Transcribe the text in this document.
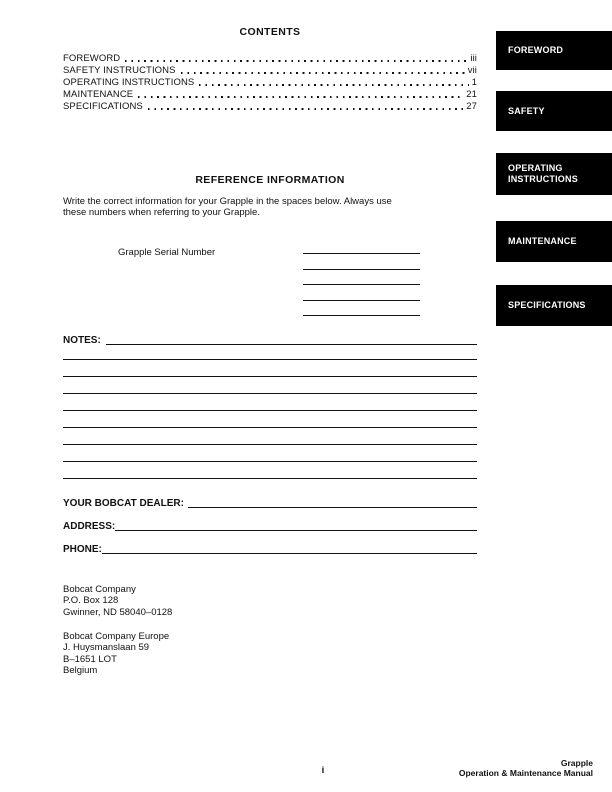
CONTENTS
FOREWORD	iii
SAFETY INSTRUCTIONS	vii
OPERATING INSTRUCTIONS	1
MAINTENANCE	21
SPECIFICATIONS	27
FOREWORD
SAFETY
OPERATING INSTRUCTIONS
MAINTENANCE
SPECIFICATIONS
REFERENCE INFORMATION
Write the correct information for your Grapple in the spaces below. Always use
these numbers when referring to your Grapple.
Grapple Serial Number
NOTES:
YOUR BOBCAT DEALER:
ADDRESS:
PHONE:
Bobcat Company
P.O. Box 128
Gwinner, ND 58040–0128
Bobcat Company Europe
J. Huysmanslaan 59
B–1651 LOT
Belgium
i
Grapple
Operation & Maintenance Manual
